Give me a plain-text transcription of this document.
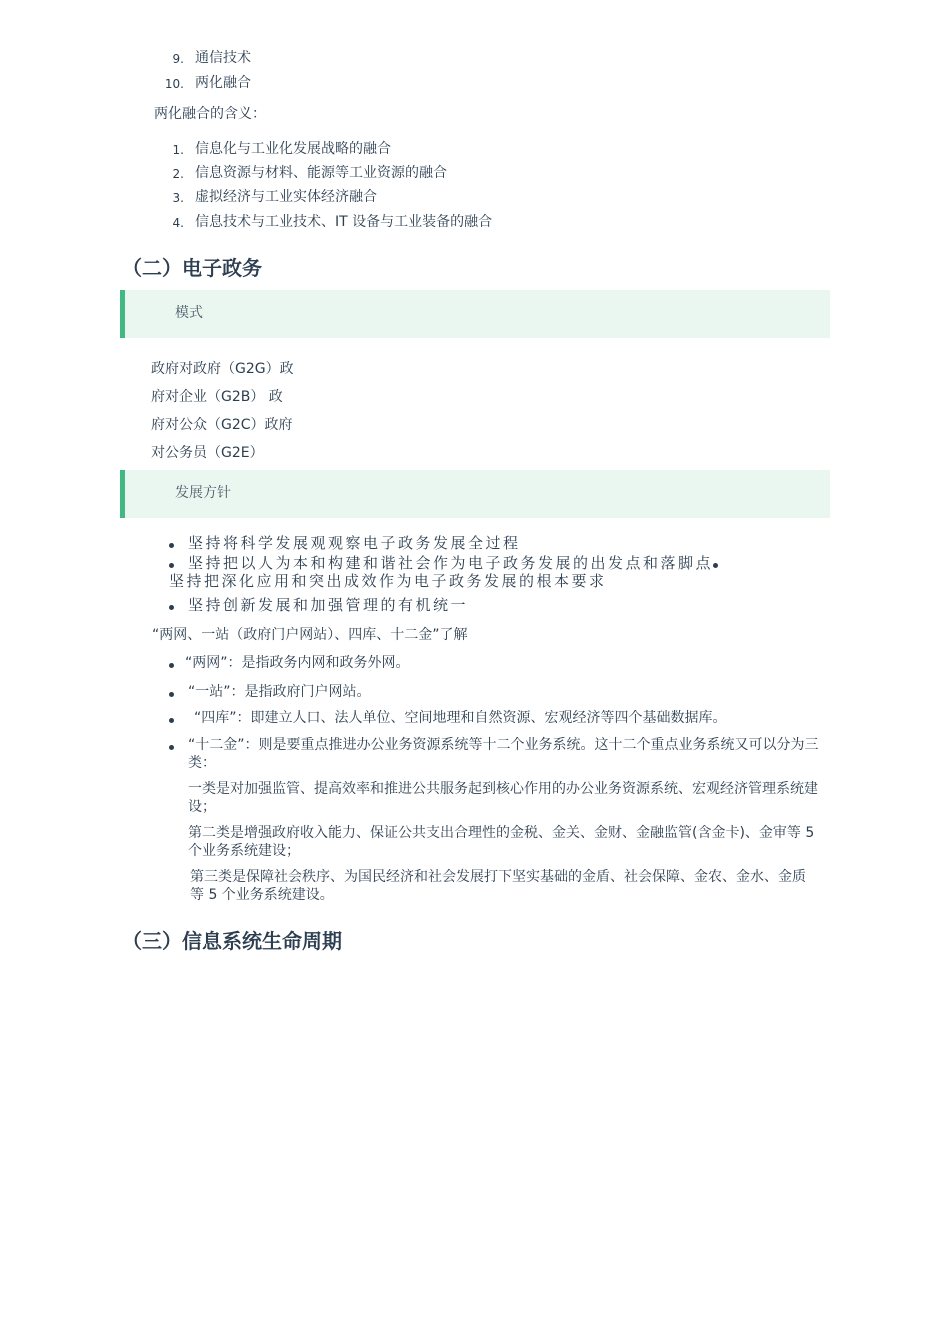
9. 通信技术
10. 两化融合
两化融合的含义：
1. 信息化与工业化发展战略的融合
2. 信息资源与材料、能源等工业资源的融合
3. 虚拟经济与工业实体经济融合
4. 信息技术与工业技术、IT 设备与工业装备的融合
（二）电子政务
模式
政府对政府（G2G）政
府对企业（G2B） 政
府对公众（G2C）政府
对公务员（G2E）
发展方针
坚持将科学发展观观察电子政务发展全过程
坚持把以人为本和构建和谐社会作为电子政务发展的出发点和落脚点
坚持把深化应用和突出成效作为电子政务发展的根本要求
坚持创新发展和加强管理的有机统一
“两网、一站（政府门户网站）、四库、十二金”了解
“两网”：是指政务内网和政务外网。
“一站”：是指政府门户网站。
“四库”：即建立人口、法人单位、空间地理和自然资源、宏观经济等四个基础数据库。
“十二金”：则是要重点推进办公业务资源系统等十二个业务系统。这十二个重点业务系统又可以分为三类：
一类是对加强监管、提高效率和推进公共服务起到核心作用的办公业务资源系统、宏观经济管理系统建设；
第二类是增强政府收入能力、保证公共支出合理性的金税、金关、金财、金融监管(含金卡)、金审等 5 个业务系统建设；
第三类是保障社会秩序、为国民经济和社会发展打下坚实基础的金盾、社会保障、金农、金水、金质等 5 个业务系统建设。
（三）信息系统生命周期
